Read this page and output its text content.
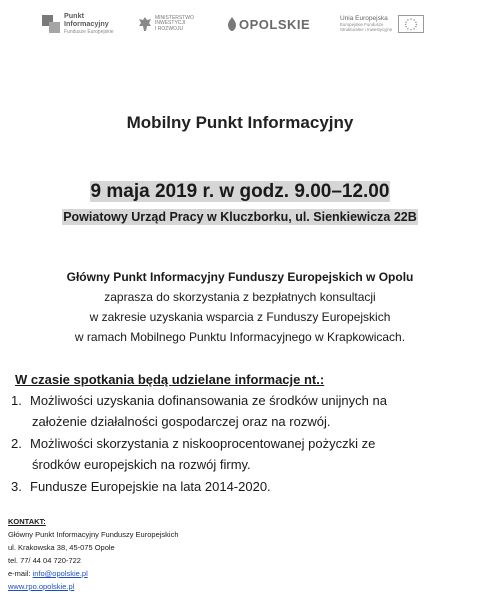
Punkt
Informacyjny
Fundusze Europejskie
MINISTERSTWO
INWESTYCJI
I ROZWOJU	OPOLSKIE	Unia Europejska
Europejskie Fundusze
Strukturalne i Inwestycyjne
Mobilny Punkt Informacyjny
9 maja 2019 r. w godz. 9.00–12.00
Powiatowy Urząd Pracy w Kluczborku, ul. Sienkiewicza 22B
Główny Punkt Informacyjny Funduszy Europejskich w Opolu
zaprasza do skorzystania z bezpłatnych konsultacji
w zakresie uzyskania wsparcia z Funduszy Europejskich
w ramach Mobilnego Punktu Informacyjnego w Krapkowicach.
W czasie spotkania będą udzielane informacje nt.:
1. Możliwości uzyskania dofinansowania ze środków unijnych na
założenie działalności gospodarczej oraz na rozwój.
2. Możliwości skorzystania z niskooprocentowanej pożyczki ze
środków europejskich na rozwój firmy.
3. Fundusze Europejskie na lata 2014-2020.
KONTAKT:
Główny Punkt Informacyjny Funduszy Europejskich
ul. Krakowska 38, 45-075 Opole
tel. 77/ 44 04 720-722
e-mail: info@opolskie.pl
www.rpo.opolskie.pl
